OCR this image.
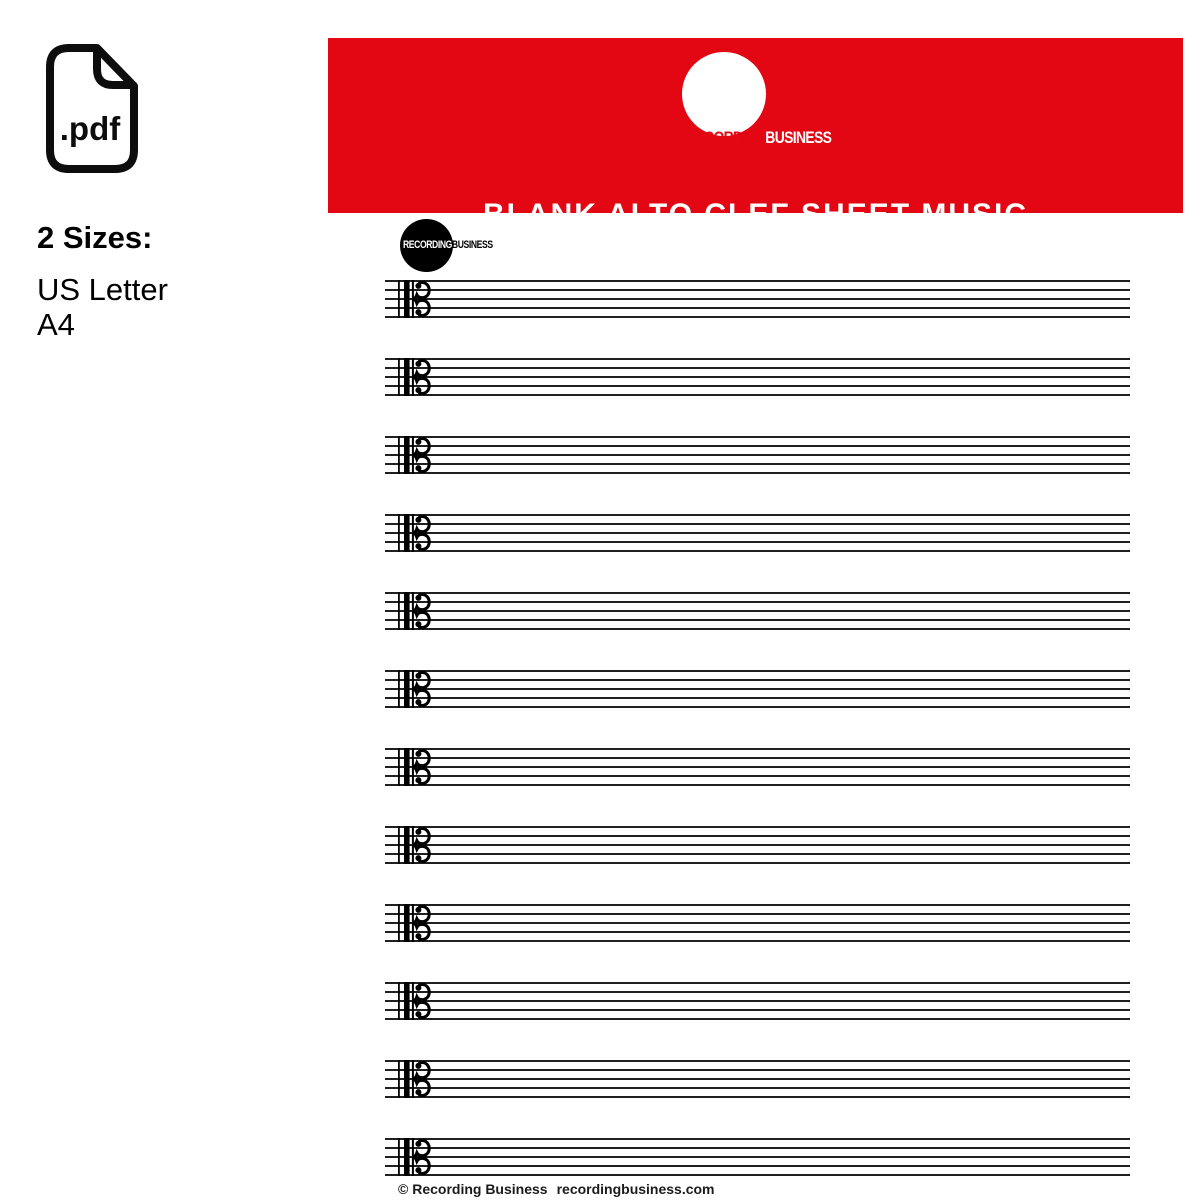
.pdf
2 Sizes:
US Letter
A4
RECORDINGBUSINESS
BLANK ALTO CLEF SHEET MUSIC
RECORDINGBUSINESS
© Recording Business recordingbusiness.com
